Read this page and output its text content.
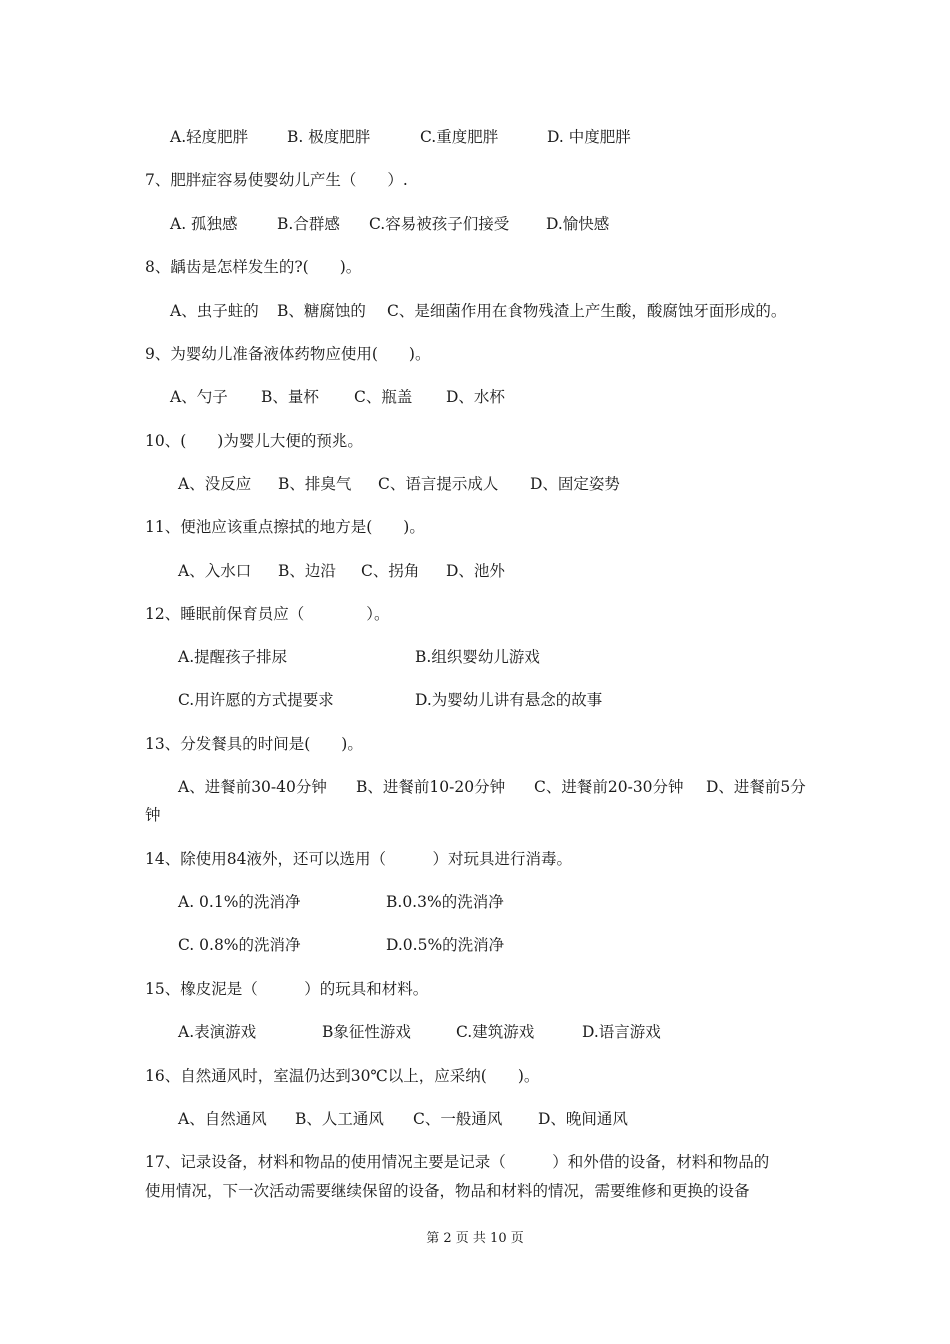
A.轻度肥胖	B. 极度肥胖	C.重度肥胖	D. 中度肥胖
7、肥胖症容易使婴幼儿产生（　　）.
A. 孤独感	B.合群感 C.容易被孩子们接受 D.愉快感
8、龋齿是怎样发生的?(　　)。
A、虫子蛀的 B、糖腐蚀的 C、是细菌作用在食物残渣上产生酸，酸腐蚀牙面形成的。
9、为婴幼儿准备液体药物应使用(　　)。
A、勺子 B、量杯 C、瓶盖 D、水杯
10、(　　)为婴儿大便的预兆。
A、没反应 B、排臭气 C、语言提示成人 D、固定姿势
11、便池应该重点擦拭的地方是(　　)。
A、入水口 B、边沿 C、拐角 D、池外
12、睡眠前保育员应（　　　　）。
A.提醒孩子排尿	B.组织婴幼儿游戏
C.用许愿的方式提要求	D.为婴幼儿讲有悬念的故事
13、分发餐具的时间是(　　)。
A、进餐前30-40分钟 B、进餐前10-20分钟 C、进餐前20-30分钟 D、进餐前5分
钟
14、除使用84液外，还可以选用（　　　）对玩具进行消毒。
A. 0.1%的洗消净	B.0.3%的洗消净
C. 0.8%的洗消净	D.0.5%的洗消净
15、橡皮泥是（　　　）的玩具和材料。
A.表演游戏	B象征性游戏	C.建筑游戏	D.语言游戏
16、自然通风时，室温仍达到30℃以上，应采纳(　　)。
A、自然通风 B、人工通风 C、一般通风 D、晚间通风
17、记录设备，材料和物品的使用情况主要是记录（　　　）和外借的设备，材料和物品的
使用情况，下一次活动需要继续保留的设备，物品和材料的情况，需要维修和更换的设备
第 2 页 共 10 页
